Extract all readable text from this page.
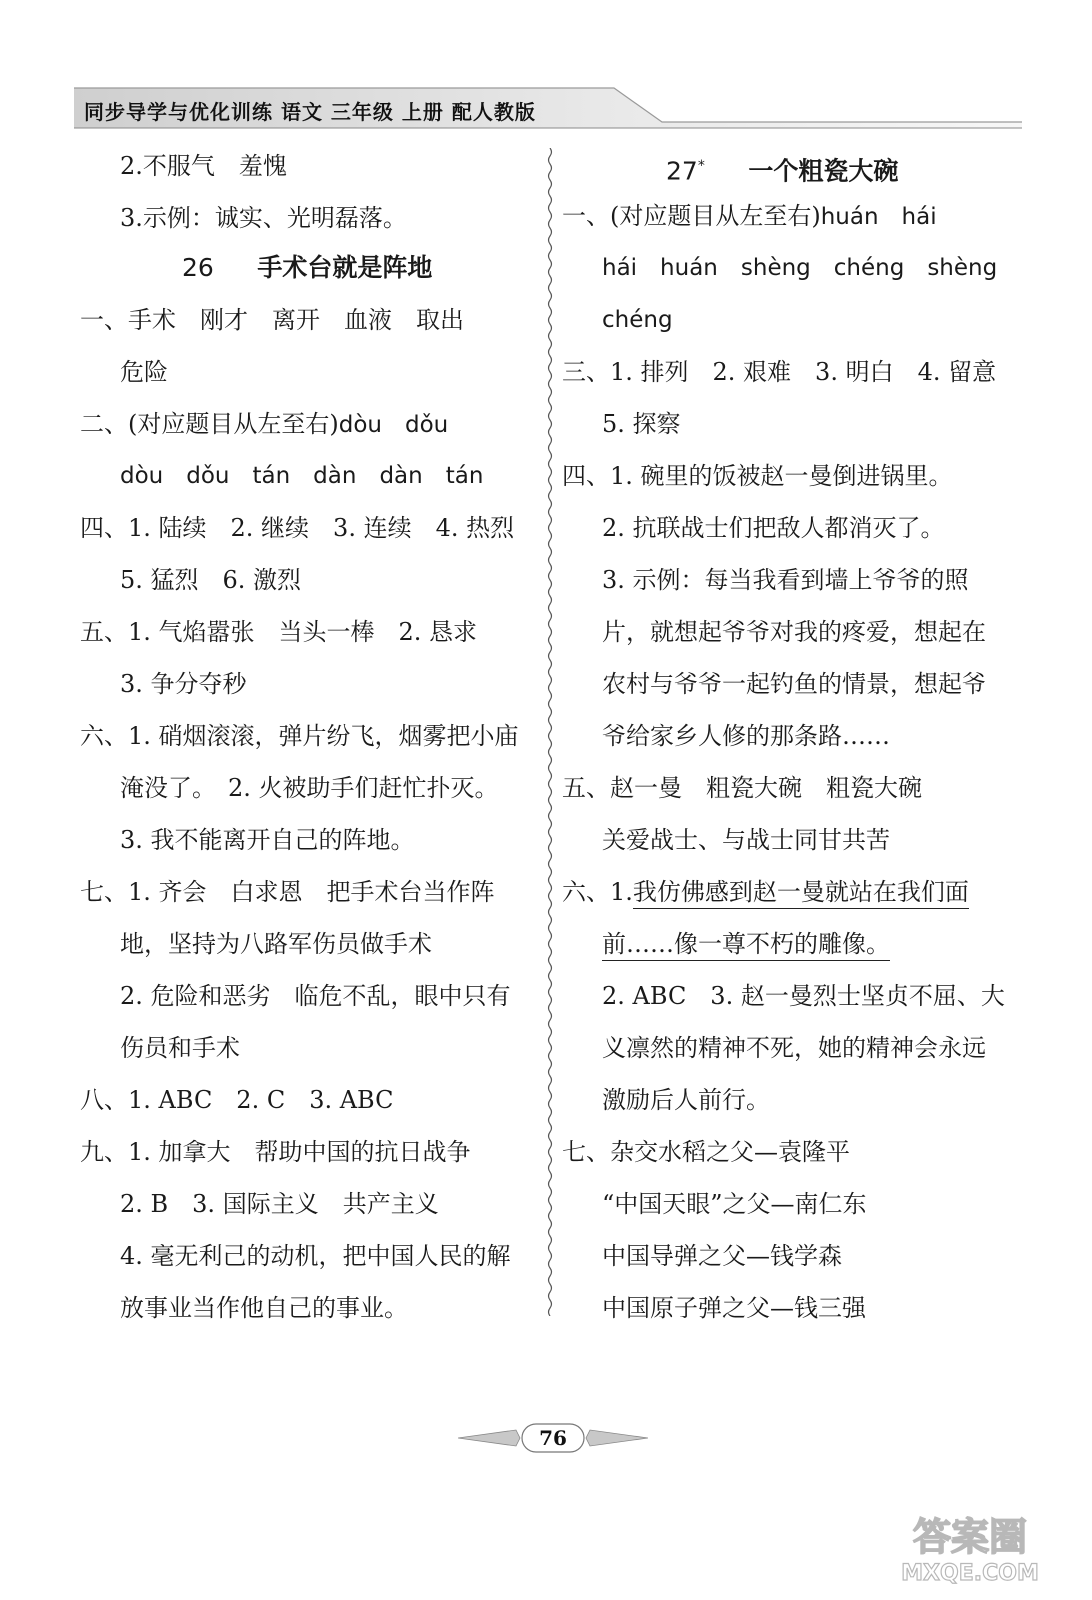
同步导学与优化训练 语文 三年级 上册 配人教版
2.不服气　羞愧
3.示例：诚实、光明磊落。
26 手术台就是阵地
一、手术　刚才　离开　血液　取出
危险
二、(对应题目从左至右)dòu　dǒu
dòu　dǒu　tán　dàn　dàn　tán
四、1. 陆续　2. 继续　3. 连续　4. 热烈
5. 猛烈　6. 激烈
五、1. 气焰嚣张　当头一棒　2. 恳求
3. 争分夺秒
六、1. 硝烟滚滚，弹片纷飞，烟雾把小庙
淹没了。　2. 火被助手们赶忙扑灭。
3. 我不能离开自己的阵地。
七、1. 齐会　白求恩　把手术台当作阵
地，坚持为八路军伤员做手术
2. 危险和恶劣　临危不乱，眼中只有
伤员和手术
八、1. ABC　2. C　3. ABC
九、1. 加拿大　帮助中国的抗日战争
2. B　3. 国际主义　共产主义
4. 毫无利己的动机，把中国人民的解
放事业当作他自己的事业。
27* 一个粗瓷大碗
一、(对应题目从左至右)huán　hái
hái　huán　shèng　chéng　shèng
chéng
三、1. 排列　2. 艰难　3. 明白　4. 留意
5. 探察
四、1. 碗里的饭被赵一曼倒进锅里。
2. 抗联战士们把敌人都消灭了。
3. 示例：每当我看到墙上爷爷的照
片，就想起爷爷对我的疼爱，想起在
农村与爷爷一起钓鱼的情景，想起爷
爷给家乡人修的那条路……
五、赵一曼　粗瓷大碗　粗瓷大碗
关爱战士、与战士同甘共苦
六、1.我仿佛感到赵一曼就站在我们面
前……像一尊不朽的雕像。
2. ABC　3. 赵一曼烈士坚贞不屈、大
义凛然的精神不死，她的精神会永远
激励后人前行。
七、杂交水稻之父—袁隆平
“中国天眼”之父—南仁东
中国导弹之父—钱学森
中国原子弹之父—钱三强
76
答案圈
MXQE.COM
